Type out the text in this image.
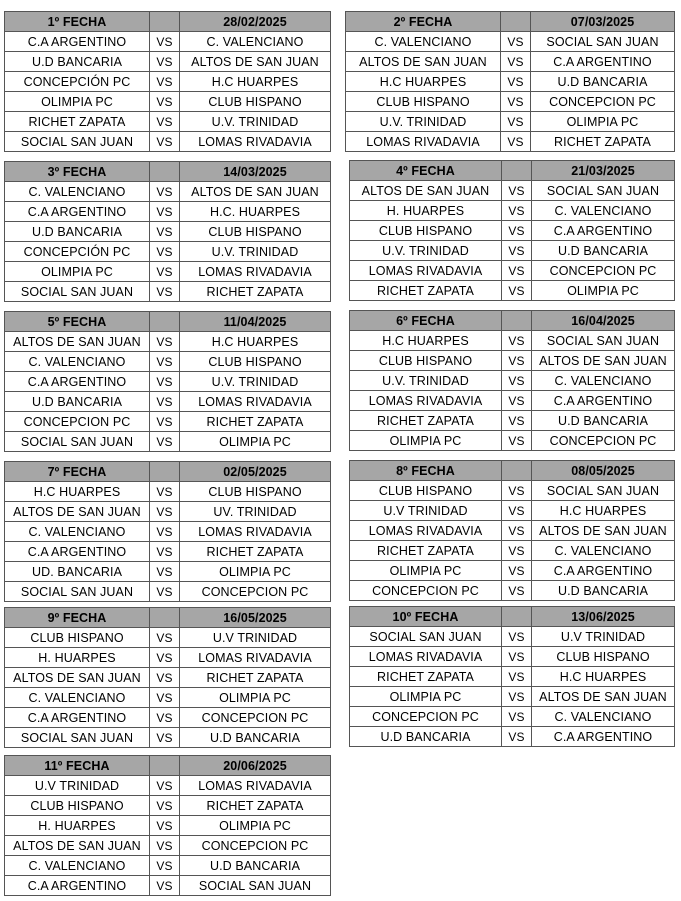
1º FECHA		28/02/2025
C.A ARGENTINO	VS	C. VALENCIANO
U.D BANCARIA	VS	ALTOS DE SAN JUAN
CONCEPCIÓN PC	VS	H.C HUARPES
OLIMPIA PC	VS	CLUB HISPANO
RICHET ZAPATA	VS	U.V. TRINIDAD
SOCIAL SAN JUAN	VS	LOMAS RIVADAVIA
2º FECHA		07/03/2025
C. VALENCIANO	VS	SOCIAL SAN JUAN
ALTOS DE SAN JUAN	VS	C.A ARGENTINO
H.C HUARPES	VS	U.D BANCARIA
CLUB HISPANO	VS	CONCEPCION PC
U.V. TRINIDAD	VS	OLIMPIA PC
LOMAS RIVADAVIA	VS	RICHET ZAPATA
3º FECHA		14/03/2025
C. VALENCIANO	VS	ALTOS DE SAN JUAN
C.A ARGENTINO	VS	H.C. HUARPES
U.D BANCARIA	VS	CLUB HISPANO
CONCEPCIÓN PC	VS	U.V. TRINIDAD
OLIMPIA PC	VS	LOMAS RIVADAVIA
SOCIAL SAN JUAN	VS	RICHET ZAPATA
4º FECHA		21/03/2025
ALTOS DE SAN JUAN	VS	SOCIAL SAN JUAN
H. HUARPES	VS	C. VALENCIANO
CLUB HISPANO	VS	C.A ARGENTINO
U.V. TRINIDAD	VS	U.D BANCARIA
LOMAS RIVADAVIA	VS	CONCEPCION PC
RICHET ZAPATA	VS	OLIMPIA PC
5º FECHA		11/04/2025
ALTOS DE SAN JUAN	VS	H.C HUARPES
C. VALENCIANO	VS	CLUB HISPANO
C.A ARGENTINO	VS	U.V. TRINIDAD
U.D BANCARIA	VS	LOMAS RIVADAVIA
CONCEPCION PC	VS	RICHET ZAPATA
SOCIAL SAN JUAN	VS	OLIMPIA PC
6º FECHA		16/04/2025
H.C HUARPES	VS	SOCIAL SAN JUAN
CLUB HISPANO	VS	ALTOS DE SAN JUAN
U.V. TRINIDAD	VS	C. VALENCIANO
LOMAS RIVADAVIA	VS	C.A ARGENTINO
RICHET ZAPATA	VS	U.D BANCARIA
OLIMPIA PC	VS	CONCEPCION PC
7º FECHA		02/05/2025
H.C HUARPES	VS	CLUB HISPANO
ALTOS DE SAN JUAN	VS	UV. TRINIDAD
C. VALENCIANO	VS	LOMAS RIVADAVIA
C.A ARGENTINO	VS	RICHET ZAPATA
UD. BANCARIA	VS	OLIMPIA PC
SOCIAL SAN JUAN	VS	CONCEPCION PC
8º FECHA		08/05/2025
CLUB HISPANO	VS	SOCIAL SAN JUAN
U.V TRINIDAD	VS	H.C HUARPES
LOMAS RIVADAVIA	VS	ALTOS DE SAN JUAN
RICHET ZAPATA	VS	C. VALENCIANO
OLIMPIA PC	VS	C.A ARGENTINO
CONCEPCION PC	VS	U.D BANCARIA
9º FECHA		16/05/2025
CLUB HISPANO	VS	U.V TRINIDAD
H. HUARPES	VS	LOMAS RIVADAVIA
ALTOS DE SAN JUAN	VS	RICHET ZAPATA
C. VALENCIANO	VS	OLIMPIA PC
C.A ARGENTINO	VS	CONCEPCION PC
SOCIAL SAN JUAN	VS	U.D BANCARIA
10º FECHA		13/06/2025
SOCIAL SAN JUAN	VS	U.V TRINIDAD
LOMAS RIVADAVIA	VS	CLUB HISPANO
RICHET ZAPATA	VS	H.C HUARPES
OLIMPIA PC	VS	ALTOS DE SAN JUAN
CONCEPCION PC	VS	C. VALENCIANO
U.D BANCARIA	VS	C.A ARGENTINO
11º FECHA		20/06/2025
U.V TRINIDAD	VS	LOMAS RIVADAVIA
CLUB HISPANO	VS	RICHET ZAPATA
H. HUARPES	VS	OLIMPIA PC
ALTOS DE SAN JUAN	VS	CONCEPCION PC
C. VALENCIANO	VS	U.D BANCARIA
C.A ARGENTINO	VS	SOCIAL SAN JUAN
